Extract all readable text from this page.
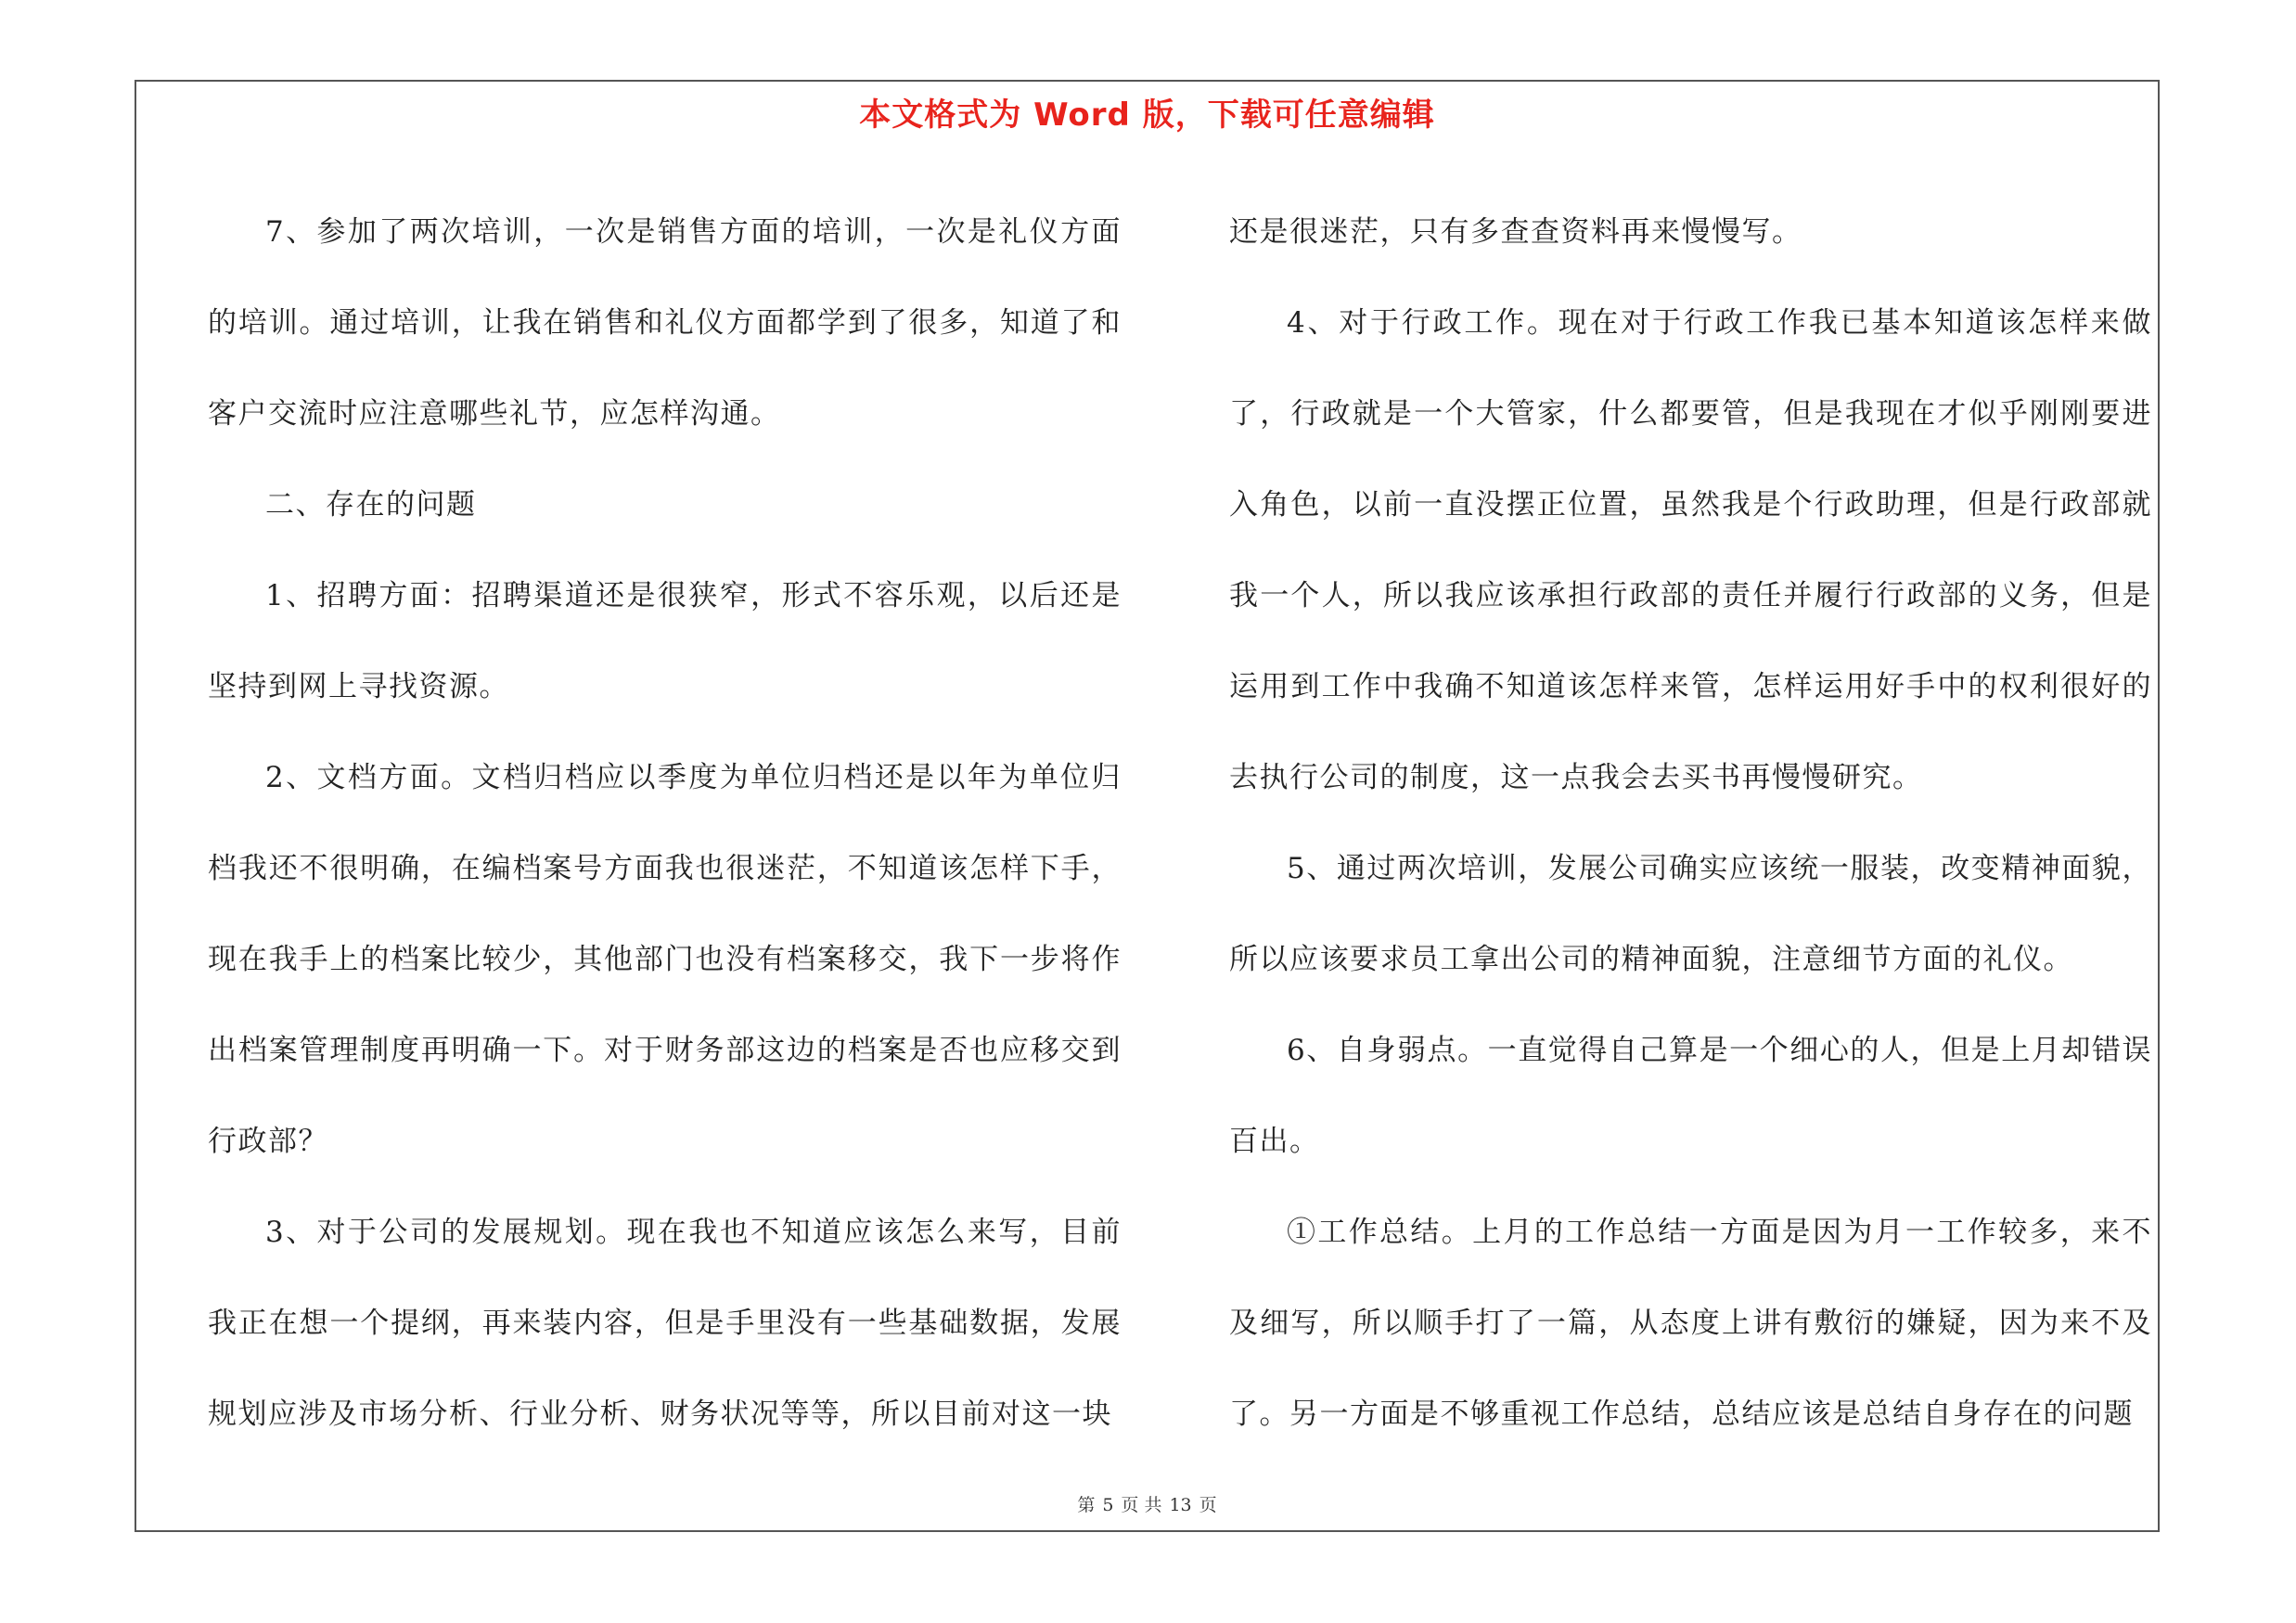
本文格式为 Word 版，下载可任意编辑

7、参加了两次培训，一次是销售方面的培训，一次是礼仪方面的培训。通过培训，让我在销售和礼仪方面都学到了很多，知道了和客户交流时应注意哪些礼节，应怎样沟通。

二、存在的问题

1、招聘方面：招聘渠道还是很狭窄，形式不容乐观，以后还是坚持到网上寻找资源。

2、文档方面。文档归档应以季度为单位归档还是以年为单位归档我还不很明确，在编档案号方面我也很迷茫，不知道该怎样下手，现在我手上的档案比较少，其他部门也没有档案移交，我下一步将作出档案管理制度再明确一下。对于财务部这边的档案是否也应移交到行政部？

3、对于公司的发展规划。现在我也不知道应该怎么来写，目前我正在想一个提纲，再来装内容，但是手里没有一些基础数据，发展规划应涉及市场分析、行业分析、财务状况等等，所以目前对这一块

还是很迷茫，只有多查查资料再来慢慢写。

4、对于行政工作。现在对于行政工作我已基本知道该怎样来做了，行政就是一个大管家，什么都要管，但是我现在才似乎刚刚要进入角色，以前一直没摆正位置，虽然我是个行政助理，但是行政部就我一个人，所以我应该承担行政部的责任并履行行政部的义务，但是运用到工作中我确不知道该怎样来管，怎样运用好手中的权利很好的去执行公司的制度，这一点我会去买书再慢慢研究。

5、通过两次培训，发展公司确实应该统一服装，改变精神面貌，所以应该要求员工拿出公司的精神面貌，注意细节方面的礼仪。

6、自身弱点。一直觉得自己算是一个细心的人，但是上月却错误百出。

①工作总结。上月的工作总结一方面是因为月一工作较多，来不及细写，所以顺手打了一篇，从态度上讲有敷衍的嫌疑，因为来不及了。另一方面是不够重视工作总结，总结应该是总结自身存在的问题

第 5 页 共 13 页
